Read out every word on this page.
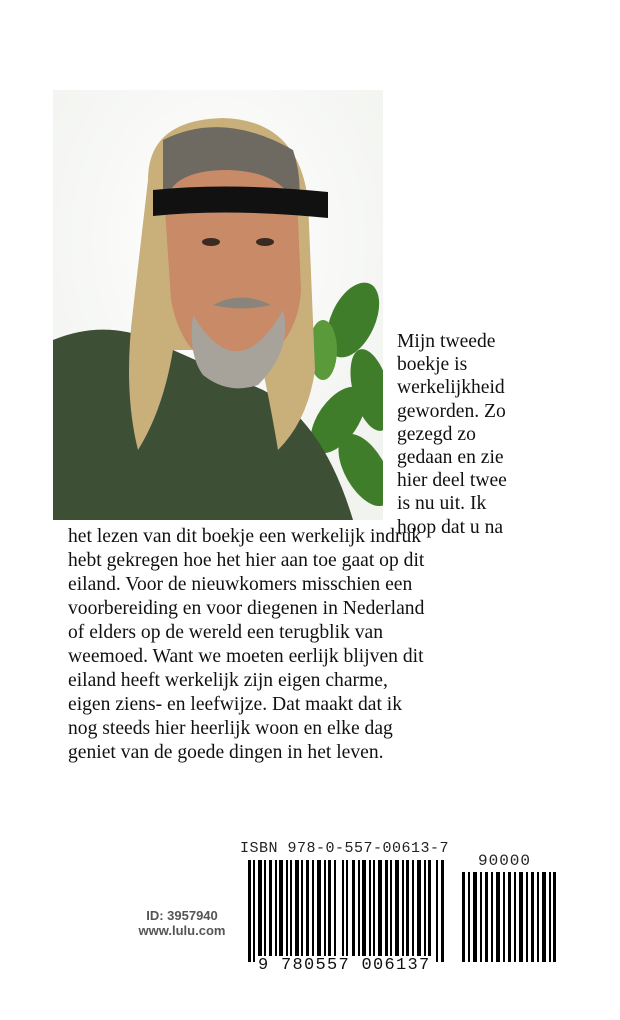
Mijn tweede
boekje is
werkelijkheid
geworden. Zo
gezegd zo
gedaan en zie
hier deel twee
is nu uit. Ik
hoop dat u na
het lezen van dit boekje een werkelijk indruk
hebt gekregen hoe het hier aan toe gaat op dit
eiland. Voor de nieuwkomers misschien een
voorbereiding en voor diegenen in Nederland
of elders op de wereld een terugblik van
weemoed. Want we moeten eerlijk blijven dit
eiland heeft werkelijk zijn eigen charme,
eigen ziens- en leefwijze. Dat maakt dat ik
nog steeds hier heerlijk woon en elke dag
geniet van de goede dingen in het leven.
ISBN 978-0-557-00613-7
90000
9 780557 006137
ID: 3957940
www.lulu.com
